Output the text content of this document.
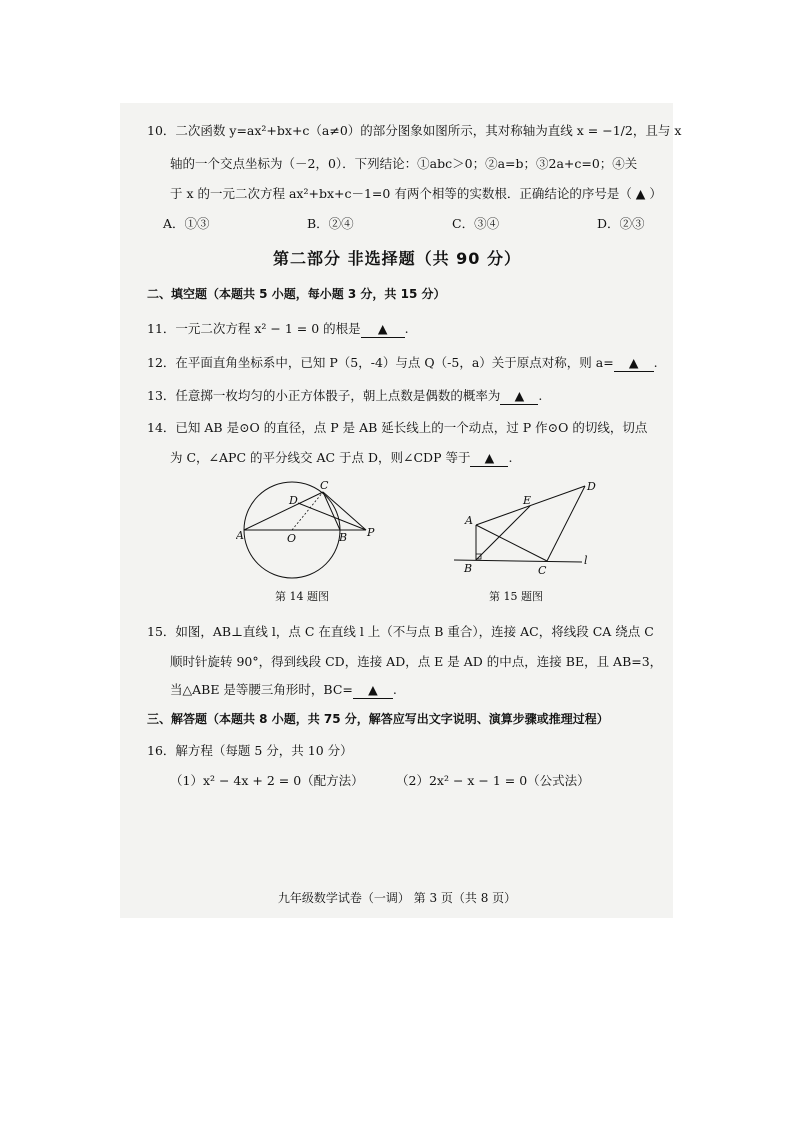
10．二次函数 y=ax²+bx+c（a≠0）的部分图象如图所示，其对称轴为直线 x = −1/2，且与 x
轴的一个交点坐标为（－2，0）．下列结论：①abc＞0；②a=b；③2a+c=0；④关
于 x 的一元二次方程 ax²+bx+c－1=0 有两个相等的实数根．正确结论的序号是（ ▲ ）
A．①③	B．②④	C．③④	D．②③
第二部分 非选择题（共 90 分）
二、填空题（本题共 5 小题，每小题 3 分，共 15 分）
11．一元二次方程 x² − 1 = 0 的根是 ▲ .
12．在平面直角坐标系中，已知 P（5，-4）与点 Q（-5，a）关于原点对称，则 a= ▲ .
13．任意掷一枚均匀的小正方体骰子，朝上点数是偶数的概率为 ▲ .
14．已知 AB 是⊙O 的直径，点 P 是 AB 延长线上的一个动点，过 P 作⊙O 的切线，切点
为 C，∠APC 的平分线交 AC 于点 D，则∠CDP 等于 ▲ .
C
D
A	O	B P
第 14 题图
D
E
A
B	C
l
第 15 题图
15．如图，AB⊥直线 l，点 C 在直线 l 上（不与点 B 重合），连接 AC，将线段 CA 绕点 C
顺时针旋转 90°，得到线段 CD，连接 AD，点 E 是 AD 的中点，连接 BE，且 AB=3，
当△ABE 是等腰三角形时，BC= ▲ .
三、解答题（本题共 8 小题，共 75 分，解答应写出文字说明、演算步骤或推理过程）
16．解方程（每题 5 分，共 10 分）
（1）x² − 4x + 2 = 0（配方法）	（2）2x² − x − 1 = 0（公式法）
九年级数学试卷（一调） 第 3 页（共 8 页）
